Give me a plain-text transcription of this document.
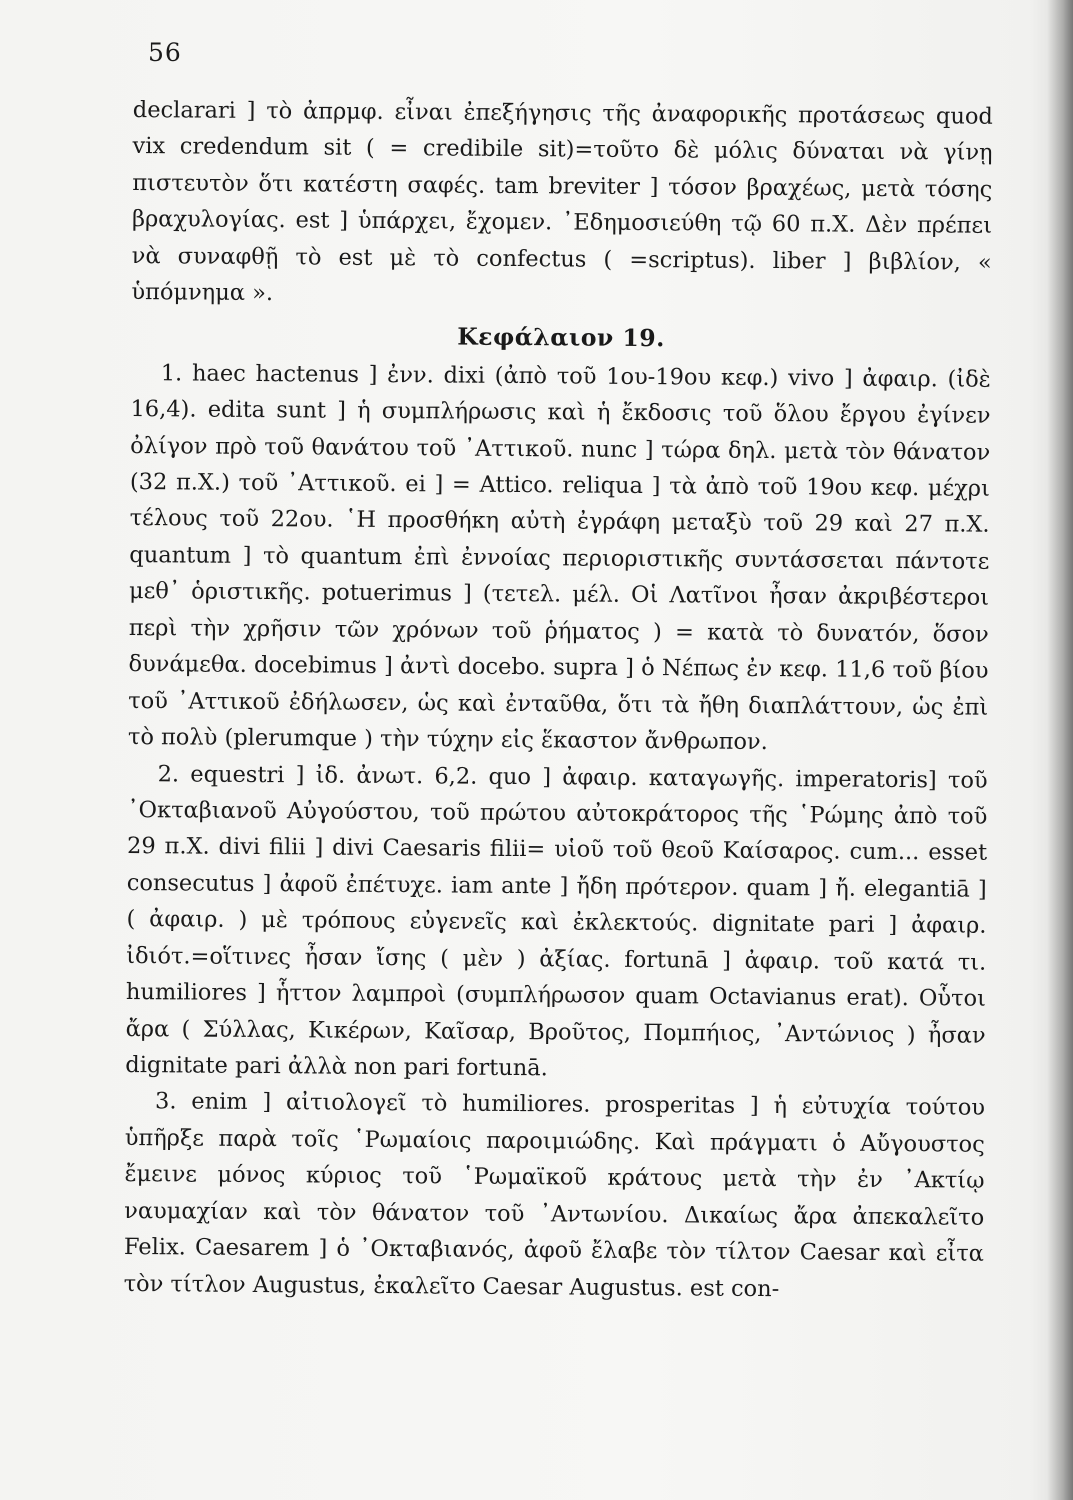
56

declarari ] τὸ ἀπρμφ. εἶναι ἐπεξήγησις τῆς ἀναφορικῆς προτάσεως quod vix credendum sit ( = credibile sit)=τοῦτο δὲ μόλις δύναται νὰ γίνῃ πιστευτὸν ὅτι κατέστη σαφές. tam breviter ] τόσον βραχέως, μετὰ τόσης βραχυλογίας. est ] ὑπάρχει, ἔχομεν. ᾿Εδημοσιεύθη τῷ 60 π.Χ. Δὲν πρέπει νὰ συναφθῇ τὸ est μὲ τὸ confectus ( =scriptus). liber ] βιβλίον, « ὑπόμνημα ».

Κεφάλαιον 19.

1. haec hactenus ] ἐνν. dixi (ἀπὸ τοῦ 1ου-19ου κεφ.) vivo ] ἀφαιρ. (ἰδὲ 16,4). edita sunt ] ἡ συμπλήρωσις καὶ ἡ ἔκδοσις τοῦ ὅλου ἔργου ἐγίνεν ὀλίγον πρὸ τοῦ θανάτου τοῦ ᾿Αττικοῦ. nunc ] τώρα δηλ. μετὰ τὸν θάνατον (32 π.Χ.) τοῦ ᾿Αττικοῦ. ei ] = Attico. reliqua ] τὰ ἀπὸ τοῦ 19ου κεφ. μέχρι τέλους τοῦ 22ου. ῾Η προσθήκη αὐτὴ ἐγράφη μεταξὺ τοῦ 29 καὶ 27 π.Χ. quantum ] τὸ quantum ἐπὶ ἐννοίας περιοριστικῆς συντάσσεται πάντοτε μεθ᾿ ὁριστικῆς. potuerimus ] (τετελ. μέλ. Οἱ Λατῖνοι ἦσαν ἀκριβέστεροι περὶ τὴν χρῆσιν τῶν χρόνων τοῦ ῥήματος ) = κατὰ τὸ δυνατόν, ὅσον δυνάμεθα. docebimus ] ἀντὶ docebo. supra ] ὁ Νέπως ἐν κεφ. 11,6 τοῦ βίου τοῦ ᾿Αττικοῦ ἐδήλωσεν, ὡς καὶ ἐνταῦθα, ὅτι τὰ ἤθη διαπλάττουν, ὡς ἐπὶ τὸ πολὺ (plerumque ) τὴν τύχην εἰς ἕκαστον ἄνθρωπον.

2. equestri ] ἰδ. ἀνωτ. 6,2. quo ] ἀφαιρ. καταγωγῆς. imperatoris] τοῦ ᾿Οκταβιανοῦ Αὐγούστου, τοῦ πρώτου αὐτοκράτορος τῆς ῾Ρώμης ἀπὸ τοῦ 29 π.Χ. divi filii ] divi Caesaris filii= υἱοῦ τοῦ θεοῦ Καίσαρος. cum... esset consecutus ] ἀφοῦ ἐπέτυχε. iam ante ] ἤδη πρότερον. quam ] ἤ. elegantiā ] ( ἀφαιρ. ) μὲ τρόπους εὐγενεῖς καὶ ἐκλεκτούς. dignitate pari ] ἀφαιρ. ἰδιότ.=οἵτινες ἦσαν ἴσης ( μὲν ) ἀξίας. fortunā ] ἀφαιρ. τοῦ κατά τι. humiliores ] ἧττον λαμπροὶ (συμπλήρωσον quam Octavianus erat). Οὗτοι ἄρα ( Σύλλας, Κικέρων, Καῖσαρ, Βροῦτος, Πομπήιος, ᾿Αντώνιος ) ἦσαν dignitate pari ἀλλὰ non pari fortunā.

3. enim ] αἰτιολογεῖ τὸ humiliores. prosperitas ] ἡ εὐτυχία τούτου ὑπῆρξε παρὰ τοῖς ῾Ρωμαίοις παροιμιώδης. Καὶ πράγματι ὁ Αὔγουστος ἔμεινε μόνος κύριος τοῦ ῾Ρωμαϊκοῦ κράτους μετὰ τὴν ἐν ᾿Ακτίῳ ναυμαχίαν καὶ τὸν θάνατον τοῦ ᾿Αντωνίου. Δικαίως ἄρα ἀπεκαλεῖτο Felix. Caesarem ] ὁ ᾿Οκταβιανός, ἀφοῦ ἔλαβε τὸν τίλτον Caesar καὶ εἶτα τὸν τίτλον Augustus, ἐκαλεῖτο Caesar Augustus. est con-
